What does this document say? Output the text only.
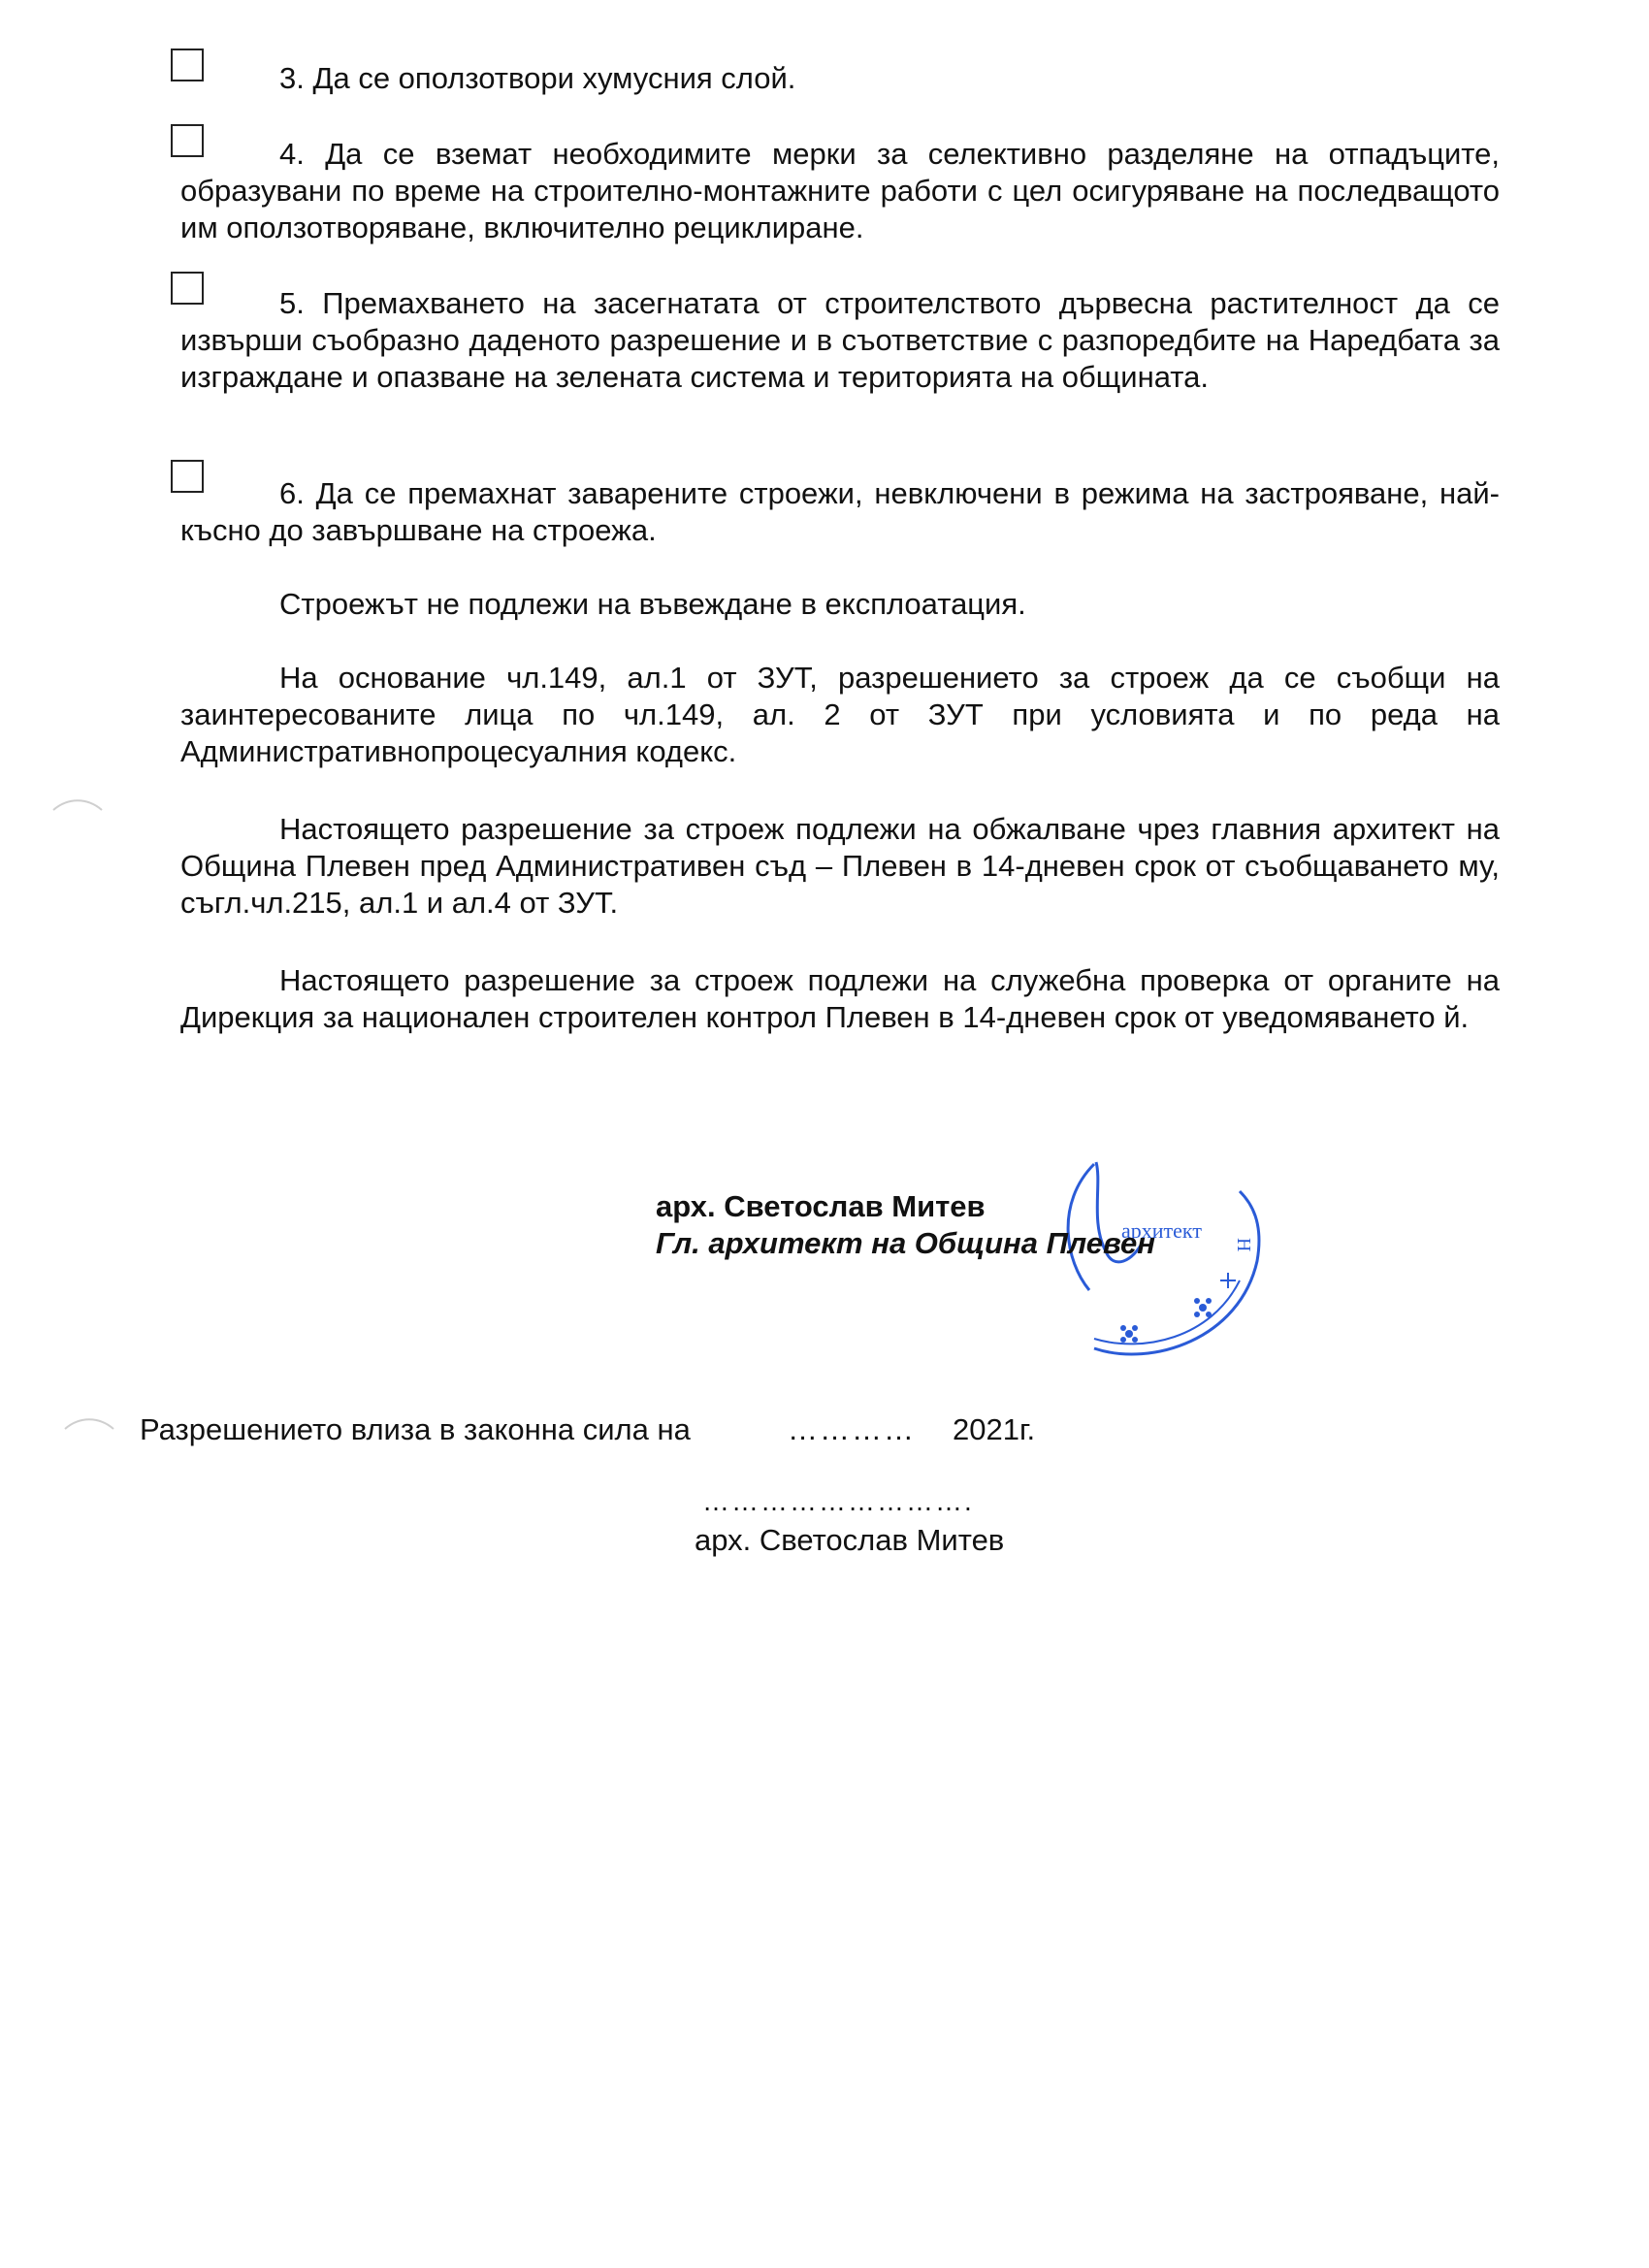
3. Да се оползотвори хумусния слой.
4. Да се вземат необходимите мерки за селективно разделяне на отпадъците, образувани по време на строително-монтажните работи с цел осигуряване на последващото им оползотворяване, включително рециклиране.
5. Премахването на засегнатата от строителството дървесна растителност да се извърши съобразно даденото разрешение и в съответствие с разпоредбите на Наредбата за изграждане и опазване на зелената система и територията на общината.
6. Да се премахнат заварените строежи, невключени в режима на застрояване, най-късно до завършване на строежа.
Строежът не подлежи на въвеждане в експлоатация.
На основание чл.149, ал.1 от ЗУТ, разрешението за строеж да се съобщи на заинтересованите лица по чл.149, ал. 2 от ЗУТ при условията и по реда на Административнопроцесуалния кодекс.
Настоящето разрешение за строеж подлежи на обжалване чрез главния архитект на Община Плевен пред Административен съд – Плевен в 14-дневен срок от съобщаването му, съгл.чл.215, ал.1 и ал.4 от ЗУТ.
Настоящето разрешение за строеж подлежи на служебна проверка от органите на Дирекция за национален строителен контрол Плевен в 14-дневен срок от уведомяването й.
архитект
Н
арх. Светослав Митев
Гл. архитект на Община Плевен
Разрешението влиза в законна сила на	………… 2021г.
……………………….
арх. Светослав Митев
